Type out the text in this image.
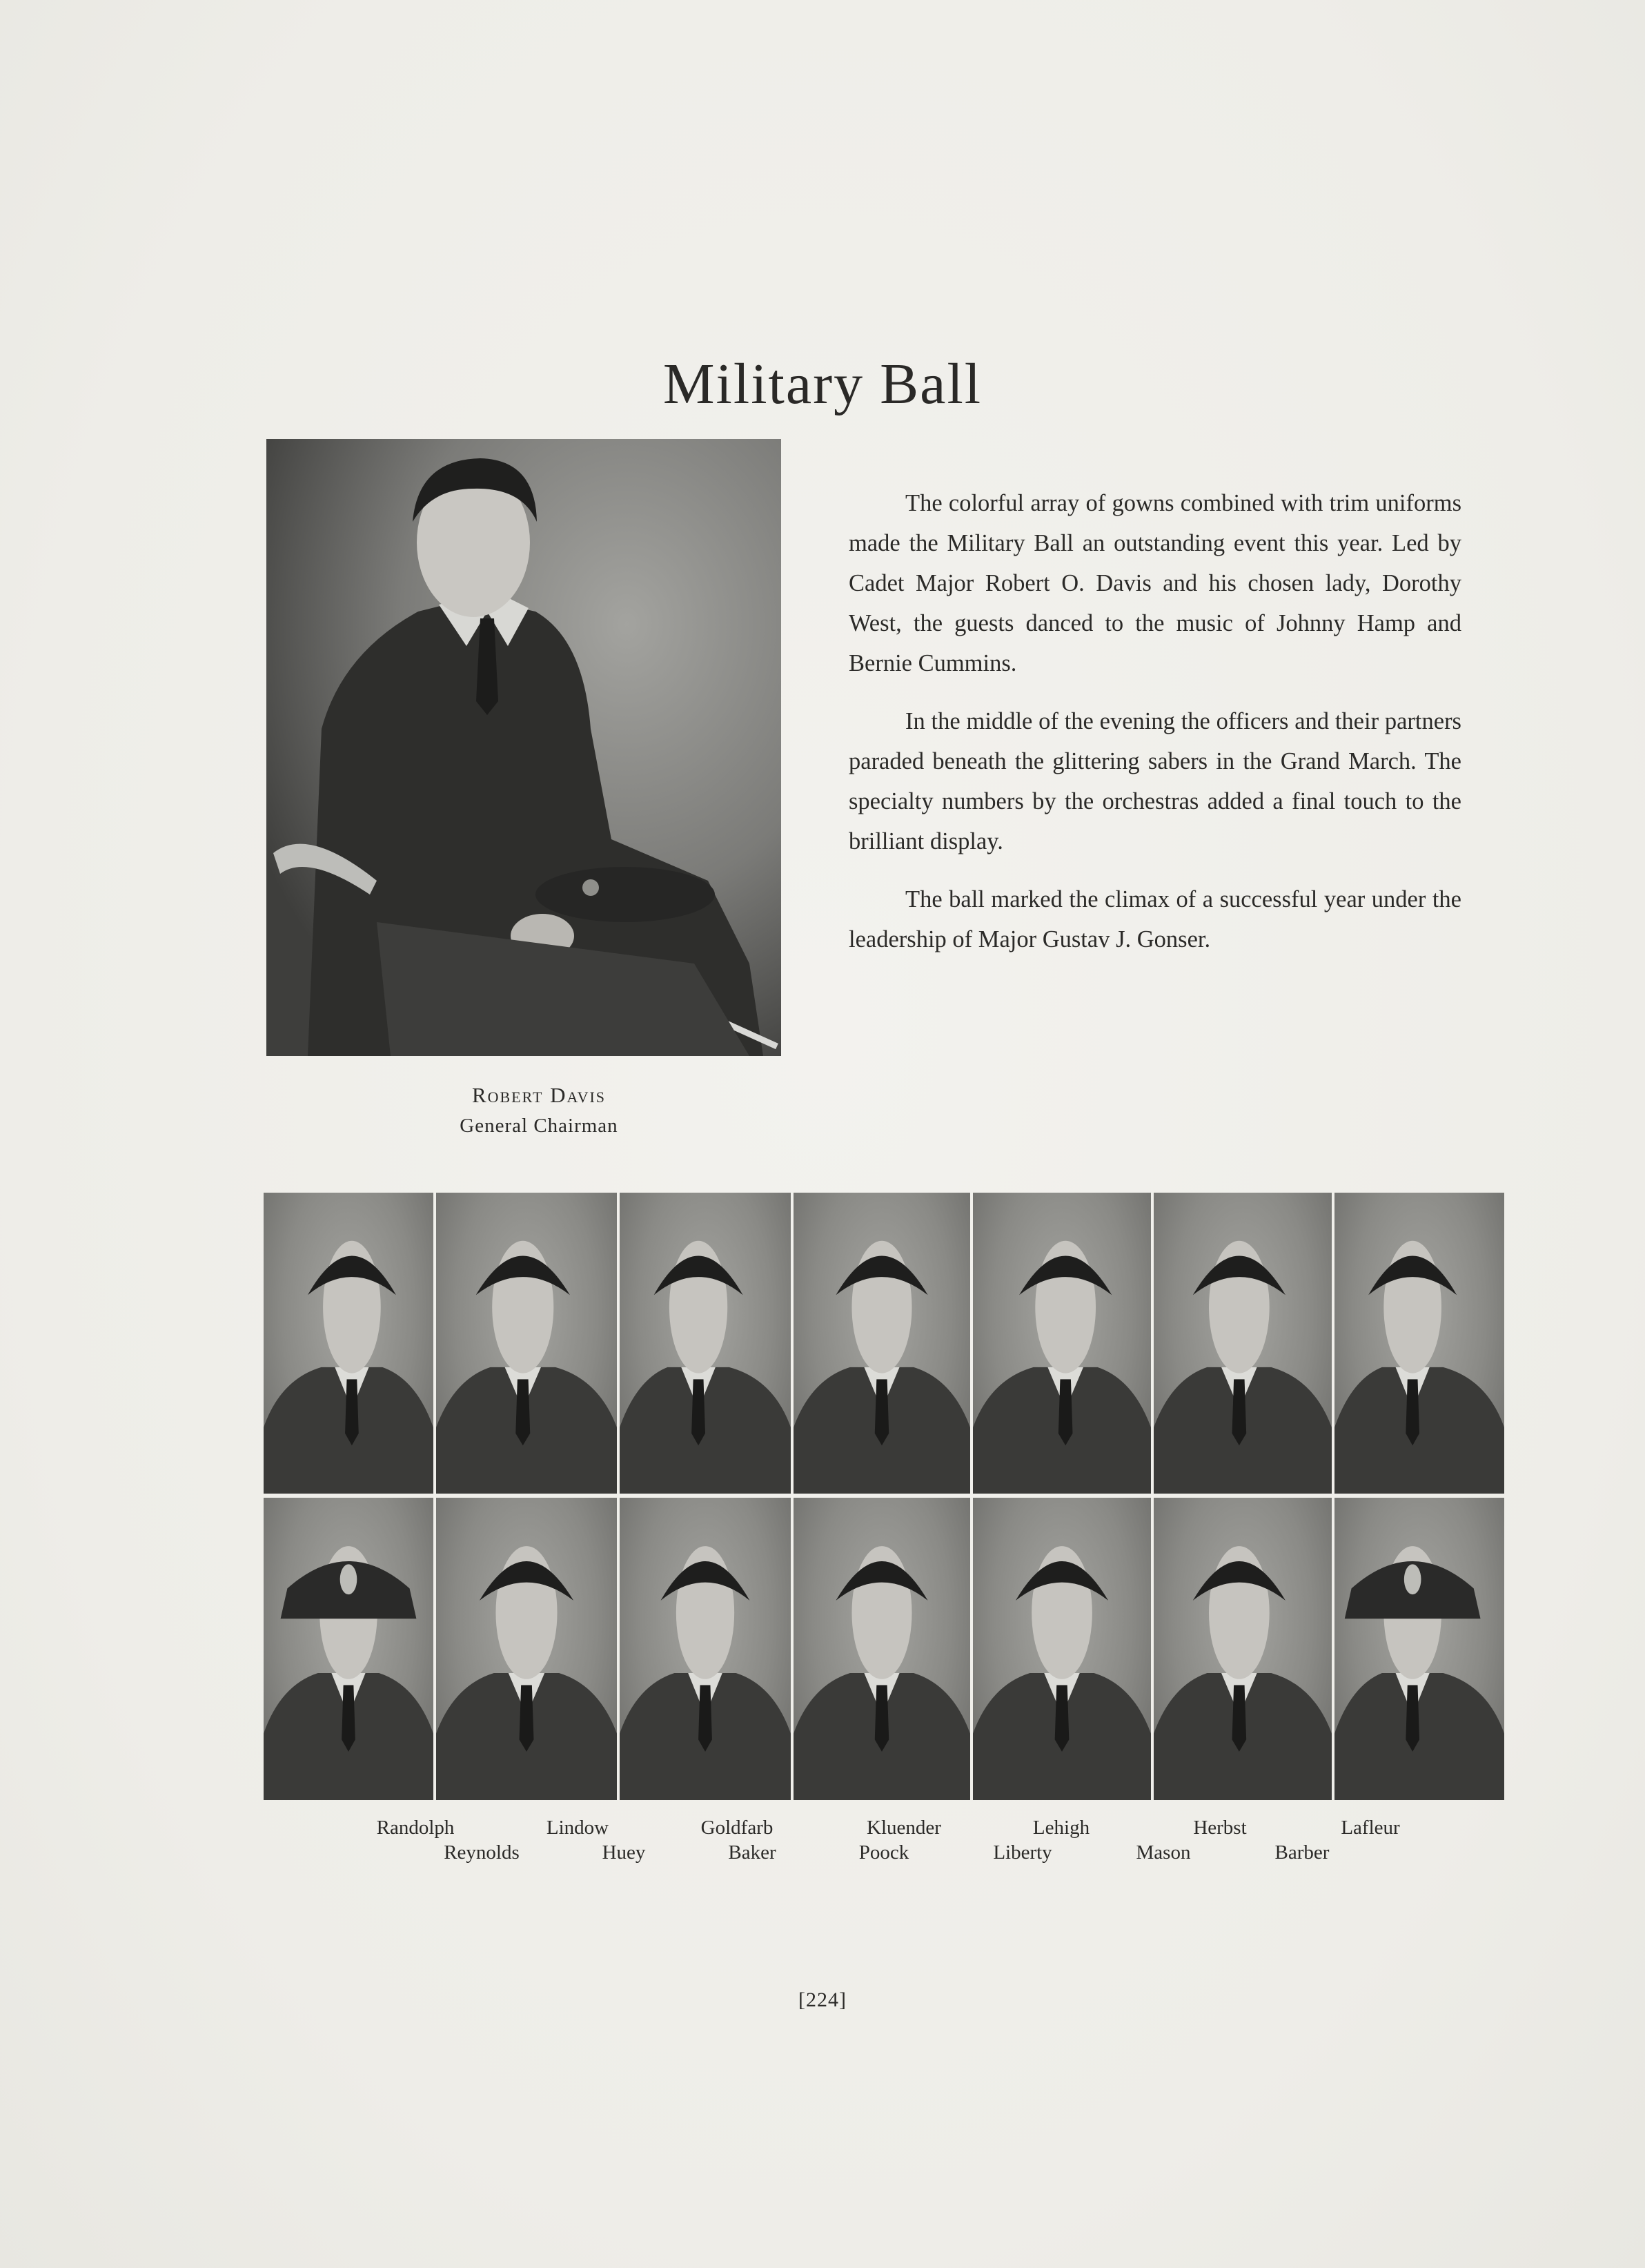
Military Ball
Robert Davis
General Chairman

The colorful array of gowns combined with trim uniforms made the Military Ball an outstanding event this year. Led by Cadet Major Robert O. Davis and his chosen lady, Dorothy West, the guests danced to the music of Johnny Hamp and Bernie Cummins.

In the middle of the evening the officers and their partners paraded beneath the glittering sabers in the Grand March. The specialty numbers by the orchestras added a final touch to the brilliant display.

The ball marked the climax of a successful year under the leadership of Major Gustav J. Gonser.

Randolph	Lindow	Goldfarb	Kluender	Lehigh	Herbst	Lafleur
Reynolds	Huey	Baker	Poock	Liberty	Mason	Barber
[224]
